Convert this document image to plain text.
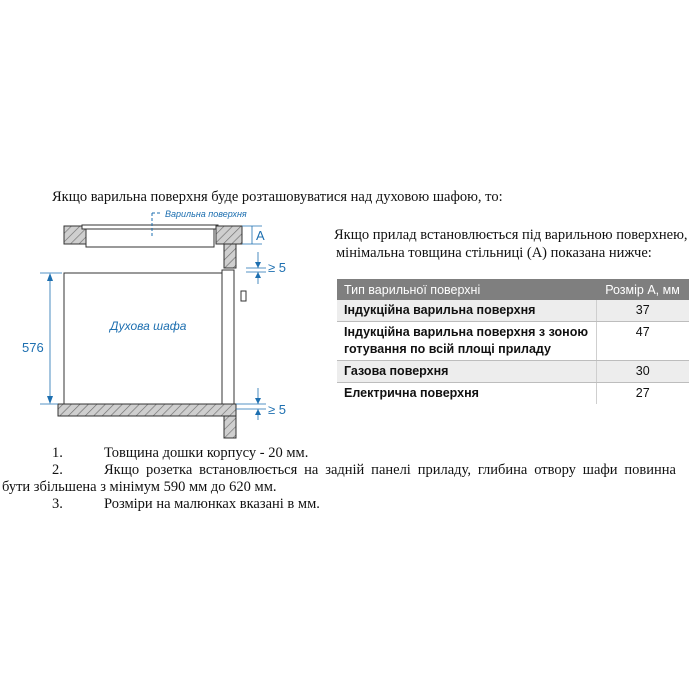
Якщо варильна поверхня буде розташовуватися над духовою шафою, то:
Варильна поверхня
A
Духова шафа
576
≥ 5
≥ 5
Якщо прилад встановлюється під варильною поверхнею,
мінімальна товщина стільниці (A) показана нижче:
Тип варильної поверхні	Розмір A, мм
Індукційна варильна поверхня	37
Індукційна варильна поверхня з зоною готування по всій площі приладу	47
Газова поверхня	30
Електрична поверхня	27
1.	Товщина дошки корпусу - 20 мм.
2.	Якщо розетка встановлюється на задній панелі приладу, глибина отвору шафи повинна
бути збільшена з мінімум 590 мм до 620 мм.
3.	Розміри на малюнках вказані в мм.
